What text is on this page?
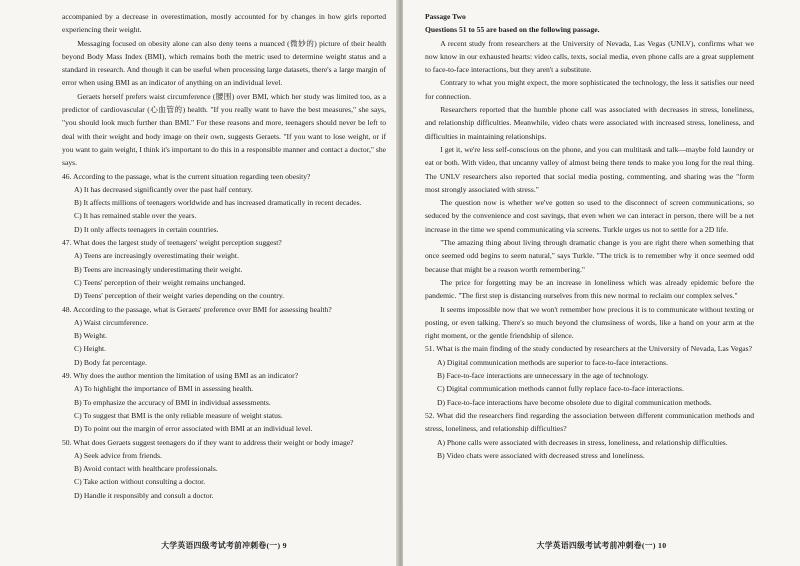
accompanied by a decrease in overestimation, mostly accounted for by changes in how girls reported experiencing their weight.

Messaging focused on obesity alone can also deny teens a nuanced (微妙的) picture of their health beyond Body Mass Index (BMI), which remains both the metric used to determine weight status and a standard in research. And though it can be useful when processing large datasets, there's a large margin of error when using BMI as an indicator of anything on an individual level.

Geraets herself prefers waist circumference (腰围) over BMI, which her study was limited too, as a predictor of cardiovascular (心血管的) health. "If you really want to have the best measures," she says, "you should look much further than BMI." For these reasons and more, teenagers should never be left to deal with their weight and body image on their own, suggests Geraets. "If you want to lose weight, or if you want to gain weight, I think it's important to do this in a responsible manner and contact a doctor," she says.

46. According to the passage, what is the current situation regarding teen obesity?

A) It has decreased significantly over the past half century.

B) It affects millions of teenagers worldwide and has increased dramatically in recent decades.

C) It has remained stable over the years.

D) It only affects teenagers in certain countries.

47. What does the largest study of teenagers' weight perception suggest?

A) Teens are increasingly overestimating their weight.

B) Teens are increasingly underestimating their weight.

C) Teens' perception of their weight remains unchanged.

D) Teens' perception of their weight varies depending on the country.

48. According to the passage, what is Geraets' preference over BMI for assessing health?

A) Waist circumference.

B) Weight.

C) Height.

D) Body fat percentage.

49. Why does the author mention the limitation of using BMI as an indicator?

A) To highlight the importance of BMI in assessing health.

B) To emphasize the accuracy of BMI in individual assessments.

C) To suggest that BMI is the only reliable measure of weight status.

D) To point out the margin of error associated with BMI at an individual level.

50. What does Geraets suggest teenagers do if they want to address their weight or body image?

A) Seek advice from friends.

B) Avoid contact with healthcare professionals.

C) Take action without consulting a doctor.

D) Handle it responsibly and consult a doctor.

大学英语四级考试考前冲刺卷(一) 9

Passage Two

Questions 51 to 55 are based on the following passage.

A recent study from researchers at the University of Nevada, Las Vegas (UNLV), confirms what we now know in our exhausted hearts: video calls, texts, social media, even phone calls are a great supplement to face-to-face interactions, but they aren't a substitute.

Contrary to what you might expect, the more sophisticated the technology, the less it satisfies our need for connection.

Researchers reported that the humble phone call was associated with decreases in stress, loneliness, and relationship difficulties. Meanwhile, video chats were associated with increased stress, loneliness, and difficulties in maintaining relationships.

I get it, we're less self-conscious on the phone, and you can multitask and talk—maybe fold laundry or eat or both. With video, that uncanny valley of almost being there tends to make you long for the real thing. The UNLV researchers also reported that social media posting, commenting, and sharing was the "form most strongly associated with stress."

The question now is whether we've gotten so used to the disconnect of screen communications, so seduced by the convenience and cost savings, that even when we can interact in person, there will be a net increase in the time we spend communicating via screens. Turkle urges us not to settle for a 2D life.

"The amazing thing about living through dramatic change is you are right there when something that once seemed odd begins to seem natural," says Turkle. "The trick is to remember why it once seemed odd because that might be a reason worth remembering."

The price for forgetting may be an increase in loneliness which was already epidemic before the pandemic. "The first step is distancing ourselves from this new normal to reclaim our complex selves."

It seems impossible now that we won't remember how precious it is to communicate without texting or posting, or even talking. There's so much beyond the clumsiness of words, like a hand on your arm at the right moment, or the gentle friendship of silence.

51. What is the main finding of the study conducted by researchers at the University of Nevada, Las Vegas?

A) Digital communication methods are superior to face-to-face interactions.

B) Face-to-face interactions are unnecessary in the age of technology.

C) Digital communication methods cannot fully replace face-to-face interactions.

D) Face-to-face interactions have become obsolete due to digital communication methods.

52. What did the researchers find regarding the association between different communication methods and stress, loneliness, and relationship difficulties?

A) Phone calls were associated with decreases in stress, loneliness, and relationship difficulties.

B) Video chats were associated with decreased stress and loneliness.

大学英语四级考试考前冲刺卷(一) 10
